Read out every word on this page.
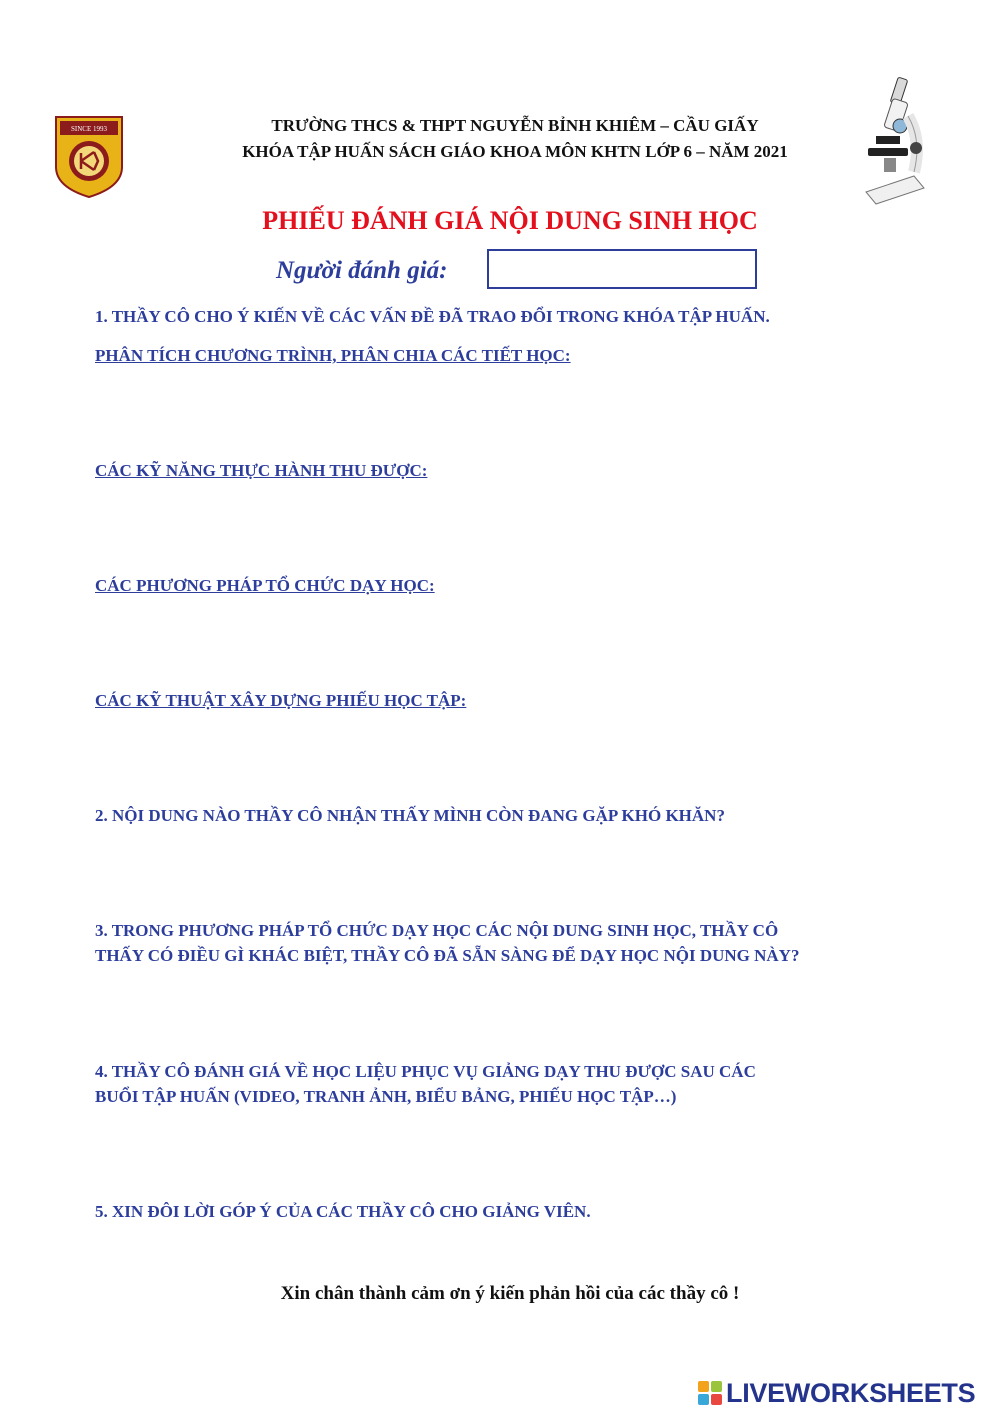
SINCE 1993	TRƯỜNG THCS & THPT NGUYỄN BỈNH KHIÊM – CẦU GIẤY
KHÓA TẬP HUẤN SÁCH GIÁO KHOA MÔN KHTN LỚP 6 – NĂM 2021
PHIẾU ĐÁNH GIÁ NỘI DUNG SINH HỌC
Người đánh giá:
1. THẦY CÔ CHO Ý KIẾN VỀ CÁC VẤN ĐỀ ĐÃ TRAO ĐỔI TRONG KHÓA TẬP HUẤN.
PHÂN TÍCH CHƯƠNG TRÌNH, PHÂN CHIA CÁC TIẾT HỌC:
CÁC KỸ NĂNG THỰC HÀNH THU ĐƯỢC:
CÁC PHƯƠNG PHÁP TỔ CHỨC DẠY HỌC:
CÁC KỸ THUẬT XÂY DỰNG PHIẾU HỌC TẬP:
2. NỘI DUNG NÀO THẦY CÔ NHẬN THẤY MÌNH CÒN ĐANG GẶP KHÓ KHĂN?
3. TRONG PHƯƠNG PHÁP TỔ CHỨC DẠY HỌC CÁC NỘI DUNG SINH HỌC, THẦY CÔ
THẤY CÓ ĐIỀU GÌ KHÁC BIỆT, THẦY CÔ ĐÃ SẴN SÀNG ĐỂ DẠY HỌC NỘI DUNG NÀY?
4. THẦY CÔ ĐÁNH GIÁ VỀ HỌC LIỆU PHỤC VỤ GIẢNG DẠY THU ĐƯỢC SAU CÁC
BUỔI TẬP HUẤN (VIDEO, TRANH ẢNH, BIỂU BẢNG, PHIẾU HỌC TẬP…)
5. XIN ĐÔI LỜI GÓP Ý CỦA CÁC THẦY CÔ CHO GIẢNG VIÊN.
Xin chân thành cảm ơn ý kiến phản hồi của các thầy cô !
LIVEWORKSHEETS
